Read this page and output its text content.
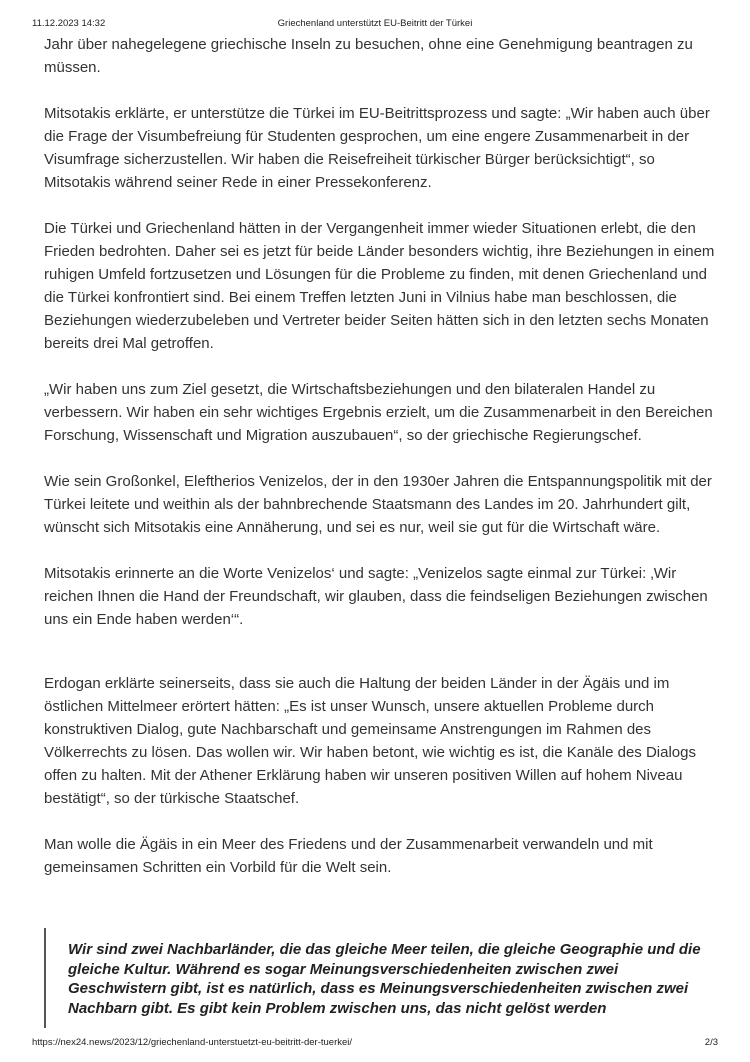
11.12.2023 14:32	Griechenland unterstützt EU-Beitritt der Türkei

Jahr über nahegelegene griechische Inseln zu besuchen, ohne eine Genehmigung beantragen zu müssen.

Mitsotakis erklärte, er unterstütze die Türkei im EU-Beitrittsprozess und sagte: „Wir haben auch über die Frage der Visumbefreiung für Studenten gesprochen, um eine engere Zusammenarbeit in der Visumfrage sicherzustellen. Wir haben die Reisefreiheit türkischer Bürger berücksichtigt“, so Mitsotakis während seiner Rede in einer Pressekonferenz.

Die Türkei und Griechenland hätten in der Vergangenheit immer wieder Situationen erlebt, die den Frieden bedrohten. Daher sei es jetzt für beide Länder besonders wichtig, ihre Beziehungen in einem ruhigen Umfeld fortzusetzen und Lösungen für die Probleme zu finden, mit denen Griechenland und die Türkei konfrontiert sind. Bei einem Treffen letzten Juni in Vilnius habe man beschlossen, die Beziehungen wiederzubeleben und Vertreter beider Seiten hätten sich in den letzten sechs Monaten bereits drei Mal getroffen.

„Wir haben uns zum Ziel gesetzt, die Wirtschaftsbeziehungen und den bilateralen Handel zu verbessern. Wir haben ein sehr wichtiges Ergebnis erzielt, um die Zusammenarbeit in den Bereichen Forschung, Wissenschaft und Migration auszubauen“, so der griechische Regierungschef.

Wie sein Großonkel, Eleftherios Venizelos, der in den 1930er Jahren die Entspannungspolitik mit der Türkei leitete und weithin als der bahnbrechende Staatsmann des Landes im 20. Jahrhundert gilt, wünscht sich Mitsotakis eine Annäherung, und sei es nur, weil sie gut für die Wirtschaft wäre.

Mitsotakis erinnerte an die Worte Venizelos‘ und sagte: „Venizelos sagte einmal zur Türkei: ‚Wir reichen Ihnen die Hand der Freundschaft, wir glauben, dass die feindseligen Beziehungen zwischen uns ein Ende haben werden‘“.

Erdogan erklärte seinerseits, dass sie auch die Haltung der beiden Länder in der Ägäis und im östlichen Mittelmeer erörtert hätten: „Es ist unser Wunsch, unsere aktuellen Probleme durch konstruktiven Dialog, gute Nachbarschaft und gemeinsame Anstrengungen im Rahmen des Völkerrechts zu lösen. Das wollen wir. Wir haben betont, wie wichtig es ist, die Kanäle des Dialogs offen zu halten. Mit der Athener Erklärung haben wir unseren positiven Willen auf hohem Niveau bestätigt“, so der türkische Staatschef.

Man wolle die Ägäis in ein Meer des Friedens und der Zusammenarbeit verwandeln und mit gemeinsamen Schritten ein Vorbild für die Welt sein.

Wir sind zwei Nachbarländer, die das gleiche Meer teilen, die gleiche Geographie und die gleiche Kultur. Während es sogar Meinungsverschiedenheiten zwischen zwei Geschwistern gibt, ist es natürlich, dass es Meinungsverschiedenheiten zwischen zwei Nachbarn gibt. Es gibt kein Problem zwischen uns, das nicht gelöst werden

https://nex24.news/2023/12/griechenland-unterstuetzt-eu-beitritt-der-tuerkei/	2/3
